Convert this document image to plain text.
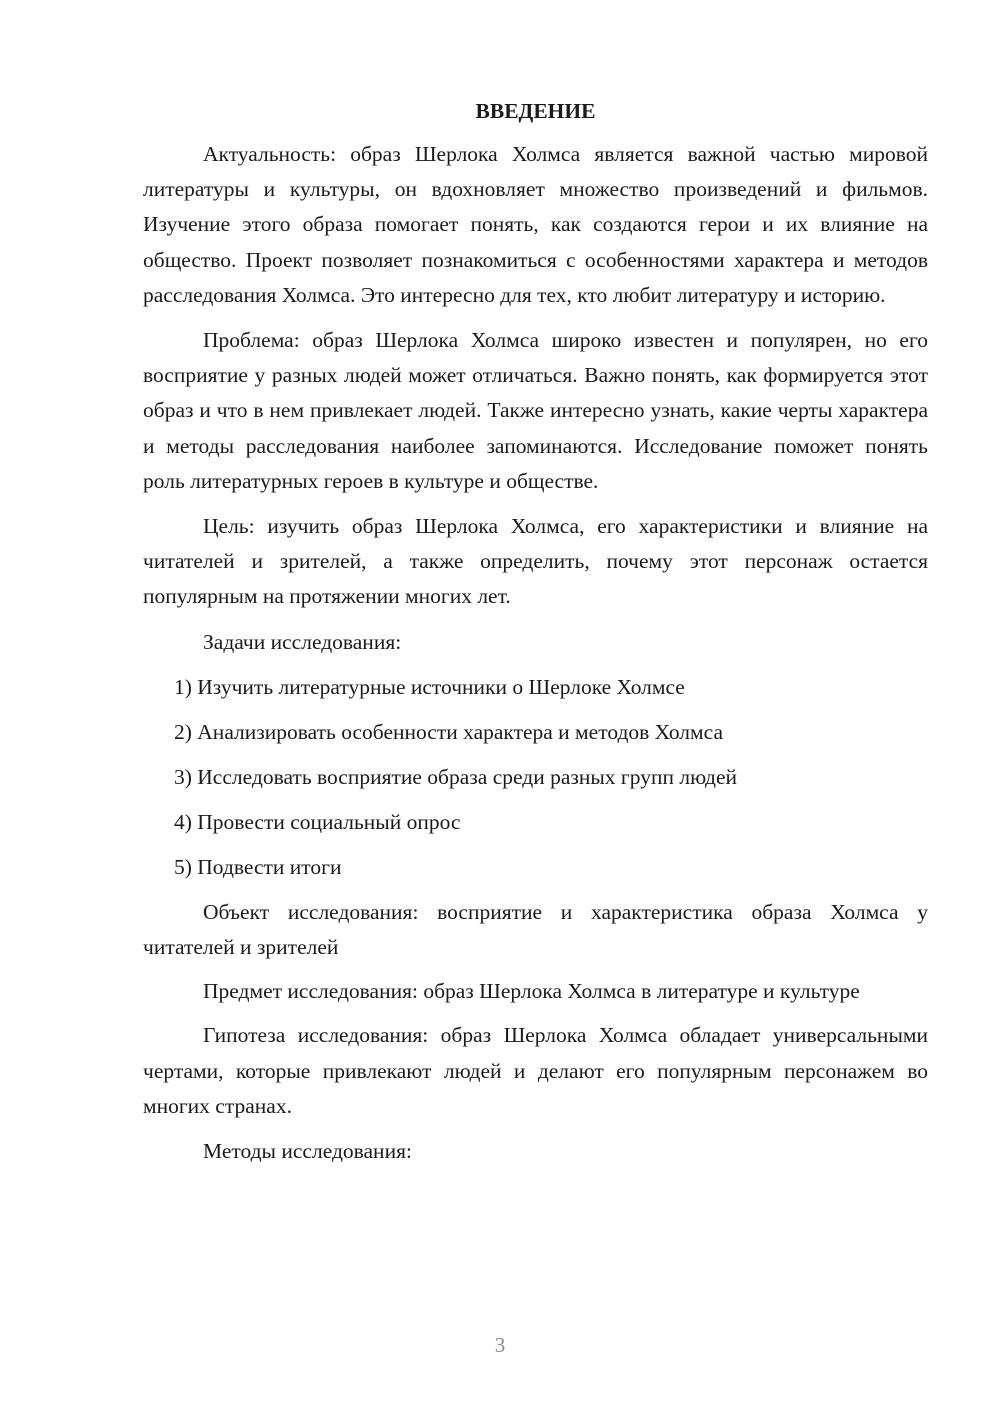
ВВЕДЕНИЕ

Актуальность: образ Шерлока Холмса является важной частью мировой литературы и культуры, он вдохновляет множество произведений и фильмов. Изучение этого образа помогает понять, как создаются герои и их влияние на общество. Проект позволяет познакомиться с особенностями характера и методов расследования Холмса. Это интересно для тех, кто любит литературу и историю.

Проблема: образ Шерлока Холмса широко известен и популярен, но его восприятие у разных людей может отличаться. Важно понять, как формируется этот образ и что в нем привлекает людей. Также интересно узнать, какие черты характера и методы расследования наиболее запоминаются. Исследование поможет понять роль литературных героев в культуре и обществе.

Цель: изучить образ Шерлока Холмса, его характеристики и влияние на читателей и зрителей, а также определить, почему этот персонаж остается популярным на протяжении многих лет.

Задачи исследования:

1) Изучить литературные источники о Шерлоке Холмсе
2) Анализировать особенности характера и методов Холмса
3) Исследовать восприятие образа среди разных групп людей
4) Провести социальный опрос
5) Подвести итоги

Объект исследования: восприятие и характеристика образа Холмса у читателей и зрителей

Предмет исследования: образ Шерлока Холмса в литературе и культуре

Гипотеза исследования: образ Шерлока Холмса обладает универсальными чертами, которые привлекают людей и делают его популярным персонажем во многих странах.

Методы исследования:

3
